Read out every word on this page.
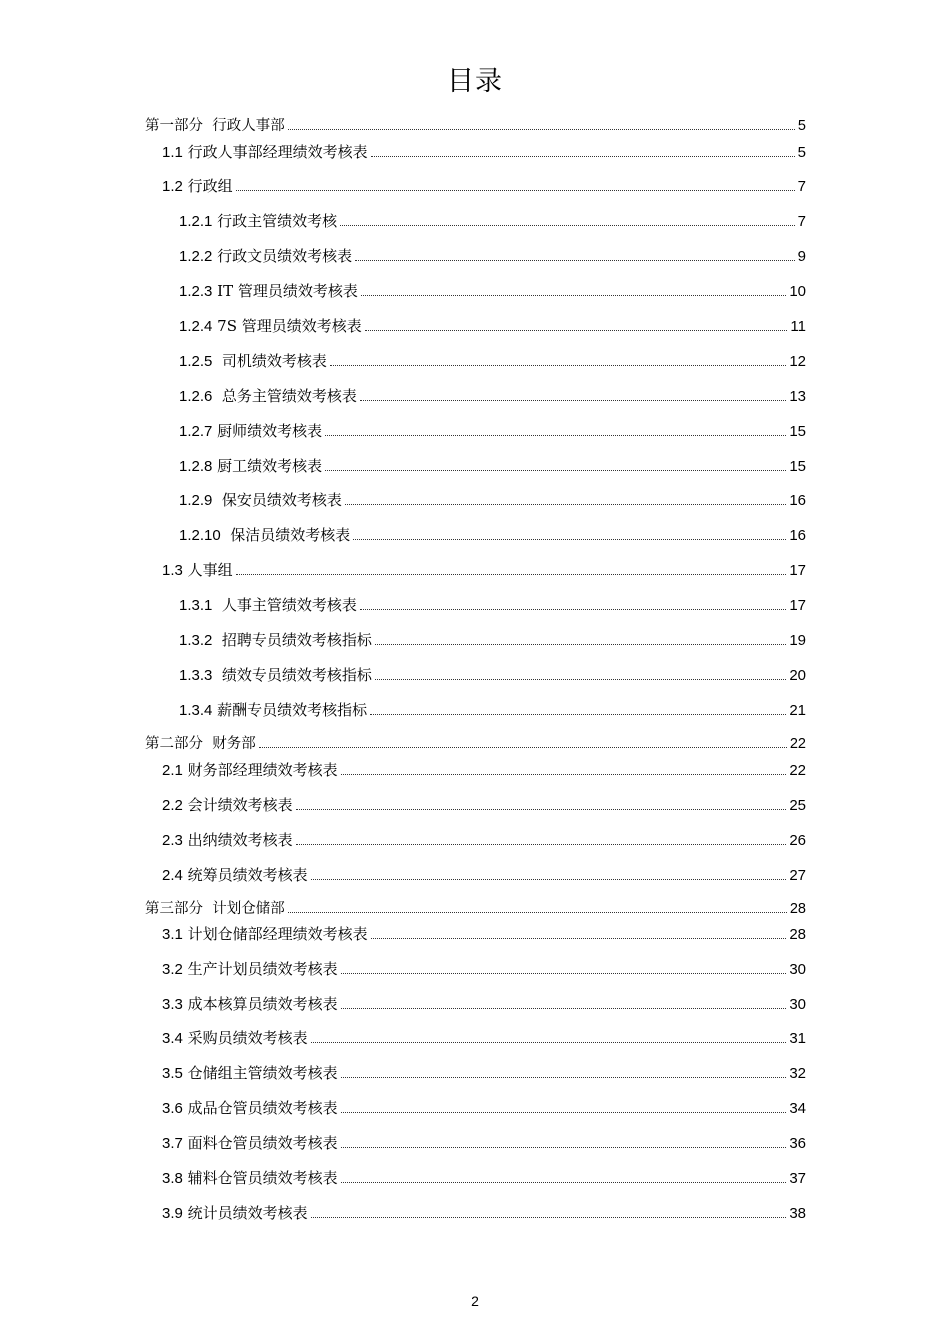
目录
第一部分  行政人事部	5
1.1 行政人事部经理绩效考核表	5
1.2 行政组	7
1.2.1 行政主管绩效考核	7
1.2.2 行政文员绩效考核表	9
1.2.3 IT 管理员绩效考核表	10
1.2.4 7S 管理员绩效考核表	11
1.2.5  司机绩效考核表	12
1.2.6  总务主管绩效考核表	13
1.2.7 厨师绩效考核表	15
1.2.8 厨工绩效考核表	15
1.2.9  保安员绩效考核表	16
1.2.10  保洁员绩效考核表	16
1.3 人事组	17
1.3.1  人事主管绩效考核表	17
1.3.2  招聘专员绩效考核指标	19
1.3.3  绩效专员绩效考核指标	20
1.3.4 薪酬专员绩效考核指标	21
第二部分  财务部	22
2.1 财务部经理绩效考核表	22
2.2 会计绩效考核表	25
2.3 出纳绩效考核表	26
2.4 统筹员绩效考核表	27
第三部分  计划仓储部	28
3.1 计划仓储部经理绩效考核表	28
3.2 生产计划员绩效考核表	30
3.3 成本核算员绩效考核表	30
3.4 采购员绩效考核表	31
3.5 仓储组主管绩效考核表	32
3.6 成品仓管员绩效考核表	34
3.7 面料仓管员绩效考核表	36
3.8 辅料仓管员绩效考核表	37
3.9 统计员绩效考核表	38
2
